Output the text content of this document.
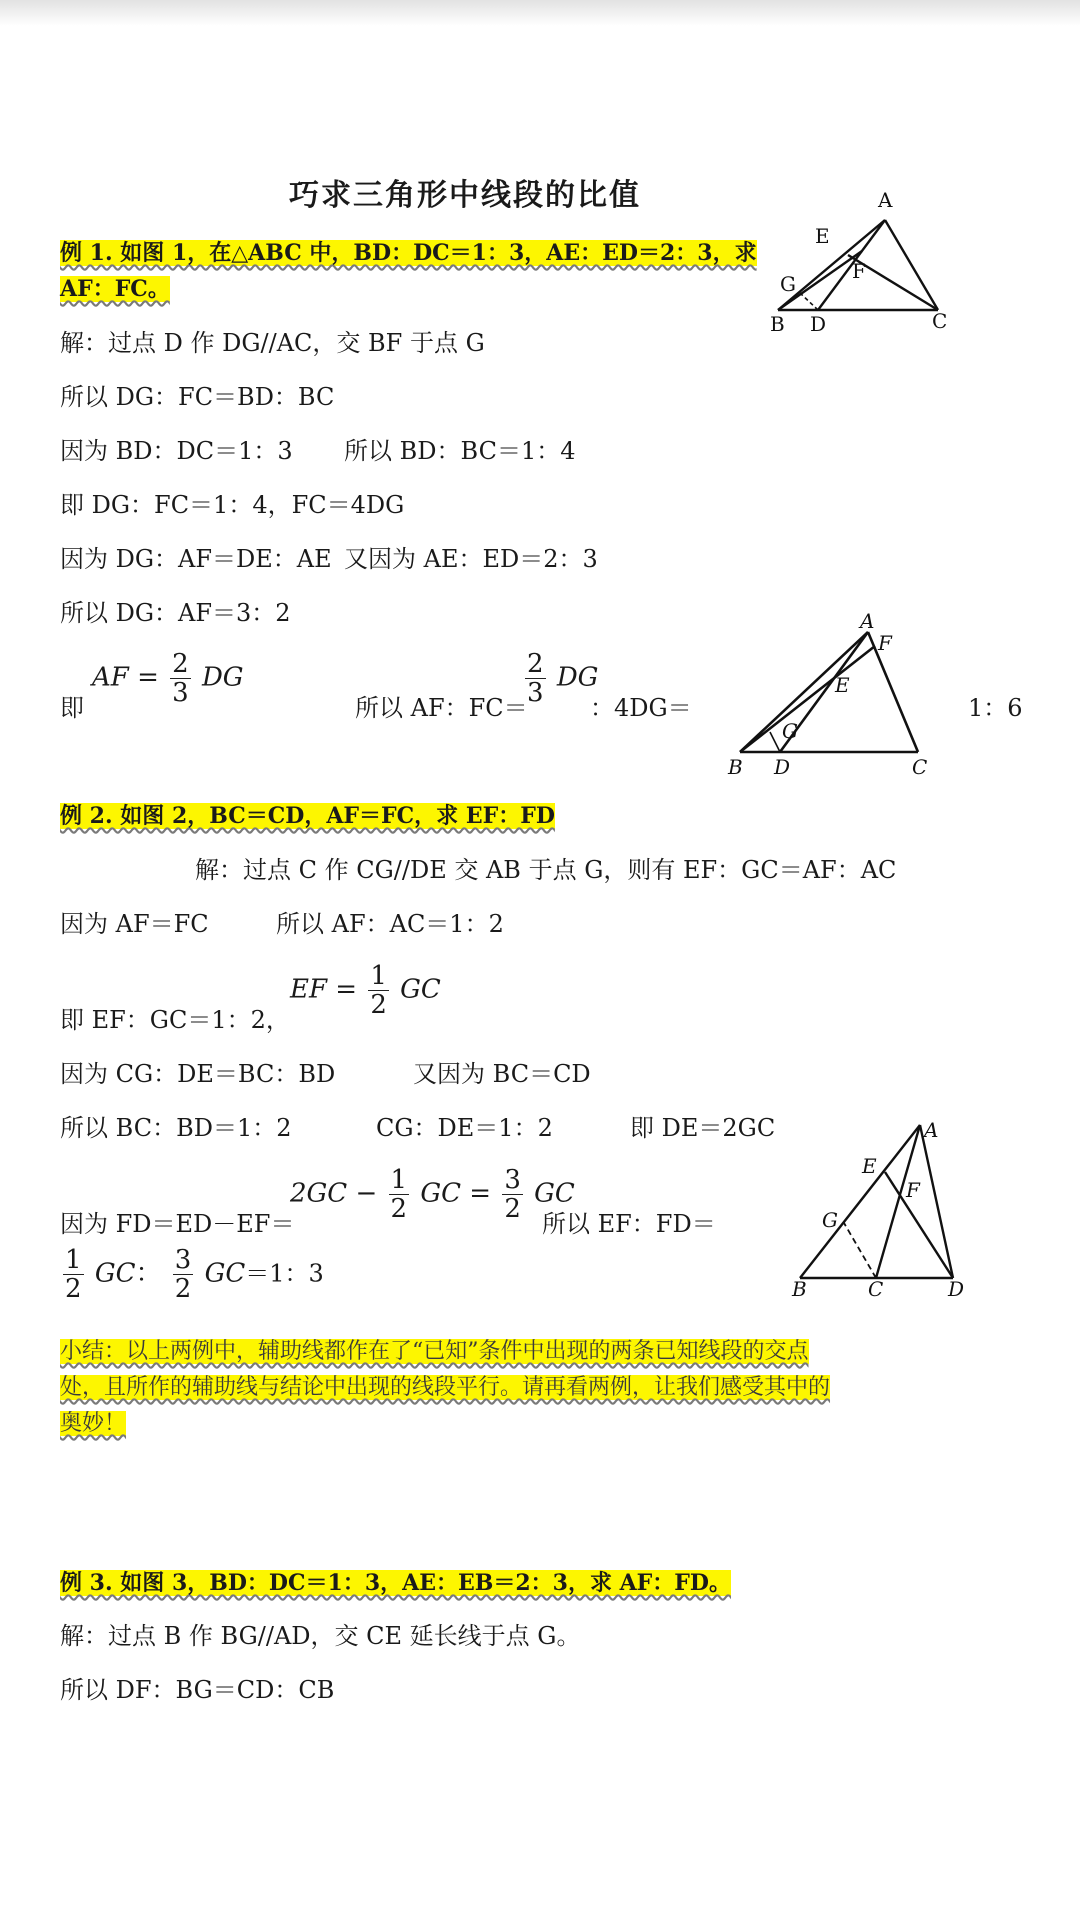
巧求三角形中线段的比值
例 1. 如图 1，在△ABC 中，BD：DC＝1：3，AE：ED＝2：3，求
AF：FC。
A
E
F
G
B D	C
解：过点 D 作 DG//AC，交 BF 于点 G
所以 DG：FC＝BD：BC
因为 BD：DC＝1：3 所以 BD：BC＝1：4
即 DG：FC＝1：4，FC＝4DG
因为 DG：AF＝DE：AE 又因为 AE：ED＝2：3
所以 DG：AF＝3：2
即
AF = $\frac{2}{3}$ DG
所以 AF：FC＝
$\frac{2}{3}$ DG
：4DG＝	1：6
A
F
E
G
B D	C
例 2. 如图 2，BC＝CD，AF＝FC，求 EF：FD
解：过点 C 作 CG//DE 交 AB 于点 G，则有 EF：GC＝AF：AC
因为 AF＝FC	所以 AF：AC＝1：2
即 EF：GC＝1：2，
EF = $\frac{1}{2}$ GC
因为 CG：DE＝BC：BD	又因为 BC＝CD
所以 BC：BD＝1：2	CG：DE＝1：2	即 DE＝2GC
因为 FD＝ED－EF＝
$2GC - \frac{1}{2}$ GC = $\frac{3}{2}$ GC
所以 EF：FD＝
$\frac{1}{2}$ GC： $\frac{3}{2} GC=1$：3
A
E
F
G
B	C	D
小结：以上两例中，辅助线都作在了“已知”条件中出现的两条已知线段的交点
处，且所作的辅助线与结论中出现的线段平行。请再看两例，让我们感受其中的
奥妙！
例 3. 如图 3，BD：DC＝1：3，AE：EB＝2：3，求 AF：FD。
解：过点 B 作 BG//AD，交 CE 延长线于点 G。
所以 DF：BG＝CD：CB
